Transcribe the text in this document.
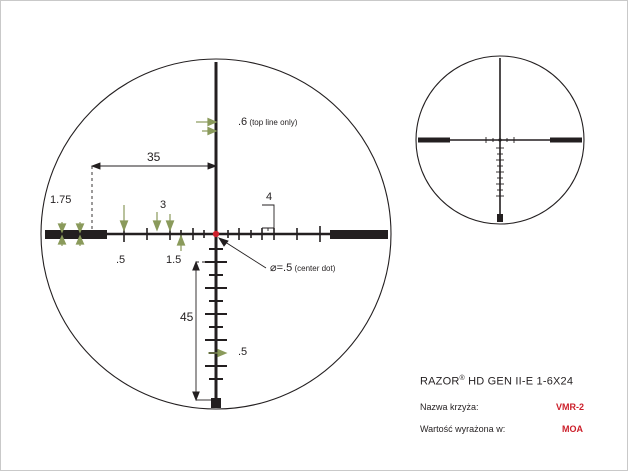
.6 (top line only)
35
1.75	3
4
.5	1.5
⌀=.5 (center dot)
45
.5
RAZOR® HD GEN II-E 1-6X24
Nazwa krzyża:	VMR-2
Wartość wyrażona w:	MOA
